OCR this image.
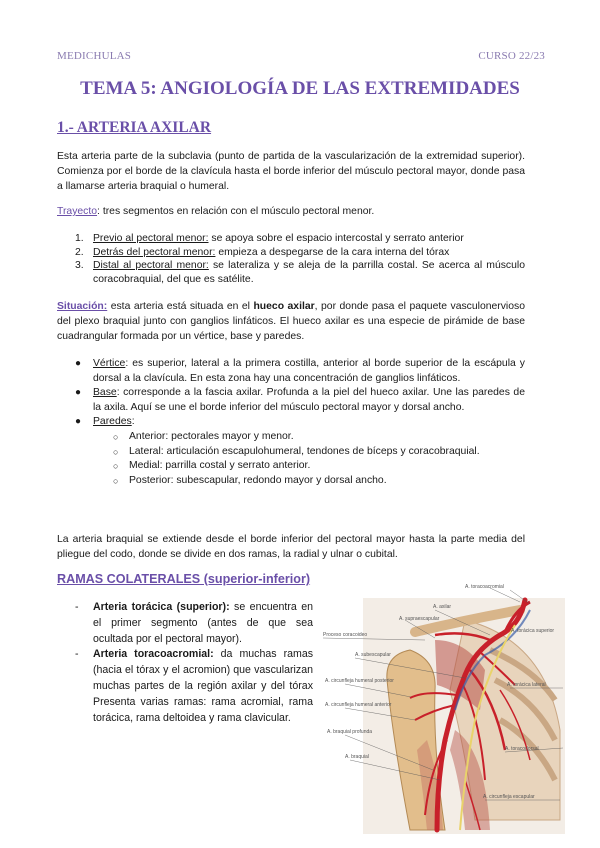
MEDICHULAS	CURSO 22/23
TEMA 5: ANGIOLOGÍA DE LAS EXTREMIDADES
1.- ARTERIA AXILAR

Esta arteria parte de la subclavia (punto de partida de la vascularización de la extremidad superior). Comienza por el borde de la clavícula hasta el borde inferior del músculo pectoral mayor, donde pasa a llamarse arteria braquial o humeral.

Trayecto: tres segmentos en relación con el músculo pectoral menor.

1. Previo al pectoral menor: se apoya sobre el espacio intercostal y serrato anterior
2. Detrás del pectoral menor: empieza a despegarse de la cara interna del tórax
3. Distal al pectoral menor: se lateraliza y se aleja de la parrilla costal. Se acerca al músculo coracobraquial, del que es satélite.

Situación: esta arteria está situada en el hueco axilar, por donde pasa el paquete vasculonervioso del plexo braquial junto con ganglios linfáticos. El hueco axilar es una especie de pirámide de base cuadrangular formada por un vértice, base y paredes.

● Vértice: es superior, lateral a la primera costilla, anterior al borde superior de la escápula y dorsal a la clavícula. En esta zona hay una concentración de ganglios linfáticos.
● Base: corresponde a la fascia axilar. Profunda a la piel del hueco axilar. Une las paredes de la axila. Aquí se une el borde inferior del músculo pectoral mayor y dorsal ancho.
● Paredes:
○ Anterior: pectorales mayor y menor.
○ Lateral: articulación escapulohumeral, tendones de bíceps y coracobraquial.
○ Medial: parrilla costal y serrato anterior.
○ Posterior: subescapular, redondo mayor y dorsal ancho.

La arteria braquial se extiende desde el borde inferior del pectoral mayor hasta la parte media del pliegue del codo, donde se divide en dos ramas, la radial y ulnar o cubital.

RAMAS COLATERALES (superior-inferior)
- Arteria torácica (superior): se encuentra en el primer segmento (antes de que sea ocultada por el pectoral mayor).
- Arteria toracoacromial: da muchas ramas (hacia el tórax y el acromion) que vascularizan muchas partes de la región axilar y del tórax Presenta varias ramas: rama acromial, rama torácica, rama deltoidea y rama clavicular.
A. toracoacromial
A. axilar
A. supraescapular
Proceso coracoideo
A. subescapular
A. circunfleja humeral posterior
A. circunfleja humeral anterior
A. braquial profunda
A. braquial
A. torácica superior
A. torácica lateral
A. toracodorsal
A. circunfleja escapular
